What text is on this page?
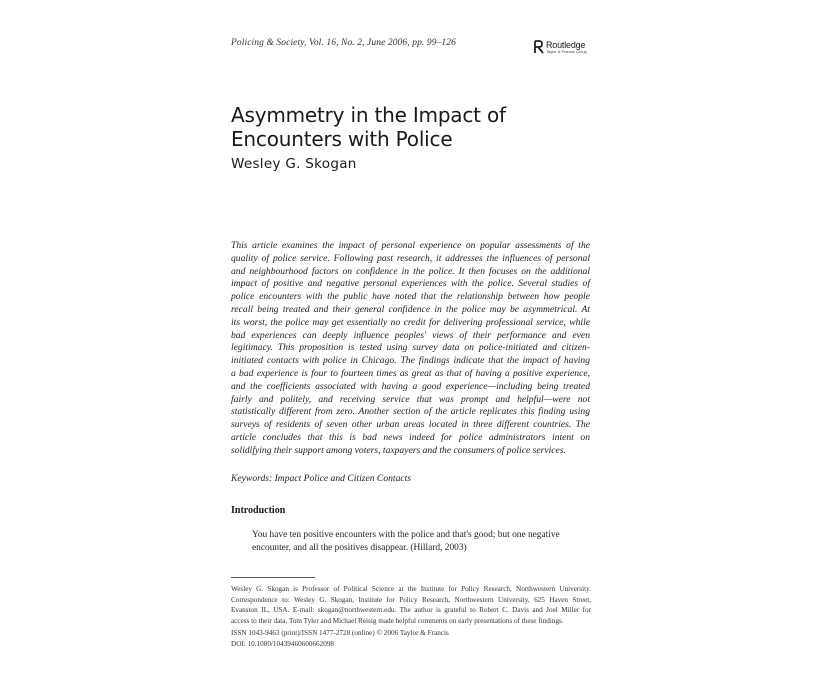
Policing & Society, Vol. 16, No. 2, June 2006, pp. 99–126	Routledge
Taylor & Francis Group
Asymmetry in the Impact of
Encounters with Police
Wesley G. Skogan
This article examines the impact of personal experience on popular assessments of the
quality of police service. Following past research, it addresses the influences of personal
and neighbourhood factors on confidence in the police. It then focuses on the additional
impact of positive and negative personal experiences with the police. Several studies of
police encounters with the public have noted that the relationship between how people
recall being treated and their general confidence in the police may be asymmetrical. At
its worst, the police may get essentially no credit for delivering professional service, while
bad experiences can deeply influence peoples' views of their performance and even
legitimacy. This proposition is tested using survey data on police-initiated and citizen-
initiated contacts with police in Chicago. The findings indicate that the impact of having
a bad experience is four to fourteen times as great as that of having a positive experience,
and the coefficients associated with having a good experience—including being treated
fairly and politely, and receiving service that was prompt and helpful—were not
statistically different from zero. Another section of the article replicates this finding using
surveys of residents of seven other urban areas located in three different countries. The
article concludes that this is bad news indeed for police administrators intent on
solidifying their support among voters, taxpayers and the consumers of police services.
Keywords: Impact Police and Citizen Contacts
Introduction
You have ten positive encounters with the police and that's good; but one negative
encounter, and all the positives disappear. (Hillard, 2003)
Wesley G. Skogan is Professor of Political Science at the Institute for Policy Research, Northwestern University.
Correspondence to: Wesley G. Skogan, Institute for Policy Research, Northwestern University, 625 Haven Street,
Evanston IL, USA. E-mail: skogan@northwestern.edu. The author is grateful to Robert C. Davis and Joel Miller for
access to their data. Tom Tyler and Michael Reisig made helpful comments on early presentations of these findings.
ISSN 1043-9463 (print)/ISSN 1477-2728 (online) © 2006 Taylor & Francis
DOI: 10.1080/10439460600662098
